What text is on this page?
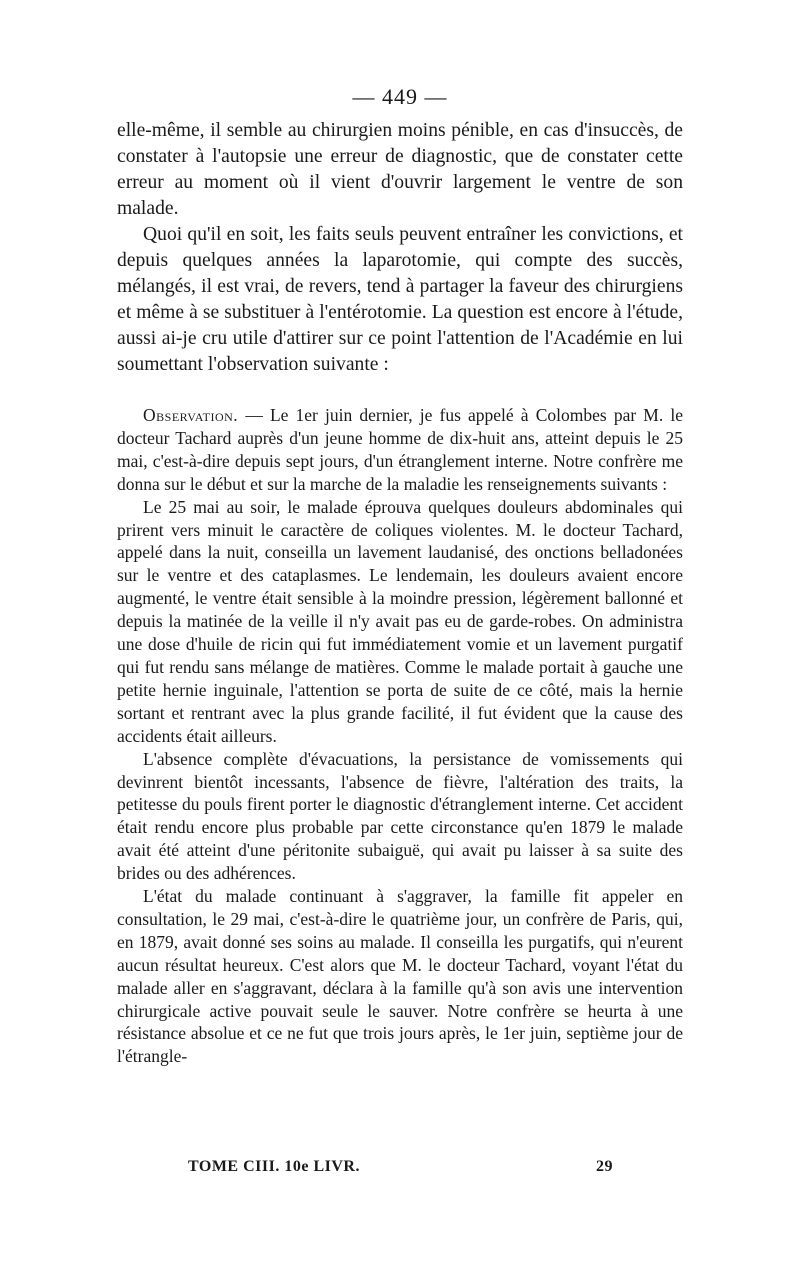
— 449 —

elle-même, il semble au chirurgien moins pénible, en cas d'insuccès, de constater à l'autopsie une erreur de diagnostic, que de constater cette erreur au moment où il vient d'ouvrir largement le ventre de son malade.

Quoi qu'il en soit, les faits seuls peuvent entraîner les convictions, et depuis quelques années la laparotomie, qui compte des succès, mélangés, il est vrai, de revers, tend à partager la faveur des chirurgiens et même à se substituer à l'entérotomie. La question est encore à l'étude, aussi ai-je cru utile d'attirer sur ce point l'attention de l'Académie en lui soumettant l'observation suivante :

Observation. — Le 1er juin dernier, je fus appelé à Colombes par M. le docteur Tachard auprès d'un jeune homme de dix-huit ans, atteint depuis le 25 mai, c'est-à-dire depuis sept jours, d'un étranglement interne. Notre confrère me donna sur le début et sur la marche de la maladie les renseignements suivants :

Le 25 mai au soir, le malade éprouva quelques douleurs abdominales qui prirent vers minuit le caractère de coliques violentes. M. le docteur Tachard, appelé dans la nuit, conseilla un lavement laudanisé, des onctions belladonées sur le ventre et des cataplasmes. Le lendemain, les douleurs avaient encore augmenté, le ventre était sensible à la moindre pression, légèrement ballonné et depuis la matinée de la veille il n'y avait pas eu de garde-robes. On administra une dose d'huile de ricin qui fut immédiatement vomie et un lavement purgatif qui fut rendu sans mélange de matières. Comme le malade portait à gauche une petite hernie inguinale, l'attention se porta de suite de ce côté, mais la hernie sortant et rentrant avec la plus grande facilité, il fut évident que la cause des accidents était ailleurs.

L'absence complète d'évacuations, la persistance de vomissements qui devinrent bientôt incessants, l'absence de fièvre, l'altération des traits, la petitesse du pouls firent porter le diagnostic d'étranglement interne. Cet accident était rendu encore plus probable par cette circonstance qu'en 1879 le malade avait été atteint d'une péritonite subaiguë, qui avait pu laisser à sa suite des brides ou des adhérences.

L'état du malade continuant à s'aggraver, la famille fit appeler en consultation, le 29 mai, c'est-à-dire le quatrième jour, un confrère de Paris, qui, en 1879, avait donné ses soins au malade. Il conseilla les purgatifs, qui n'eurent aucun résultat heureux. C'est alors que M. le docteur Tachard, voyant l'état du malade aller en s'aggravant, déclara à la famille qu'à son avis une intervention chirurgicale active pouvait seule le sauver. Notre confrère se heurta à une résistance absolue et ce ne fut que trois jours après, le 1er juin, septième jour de l'étrangle-

TOME CIII. 10e LIVR.	29
